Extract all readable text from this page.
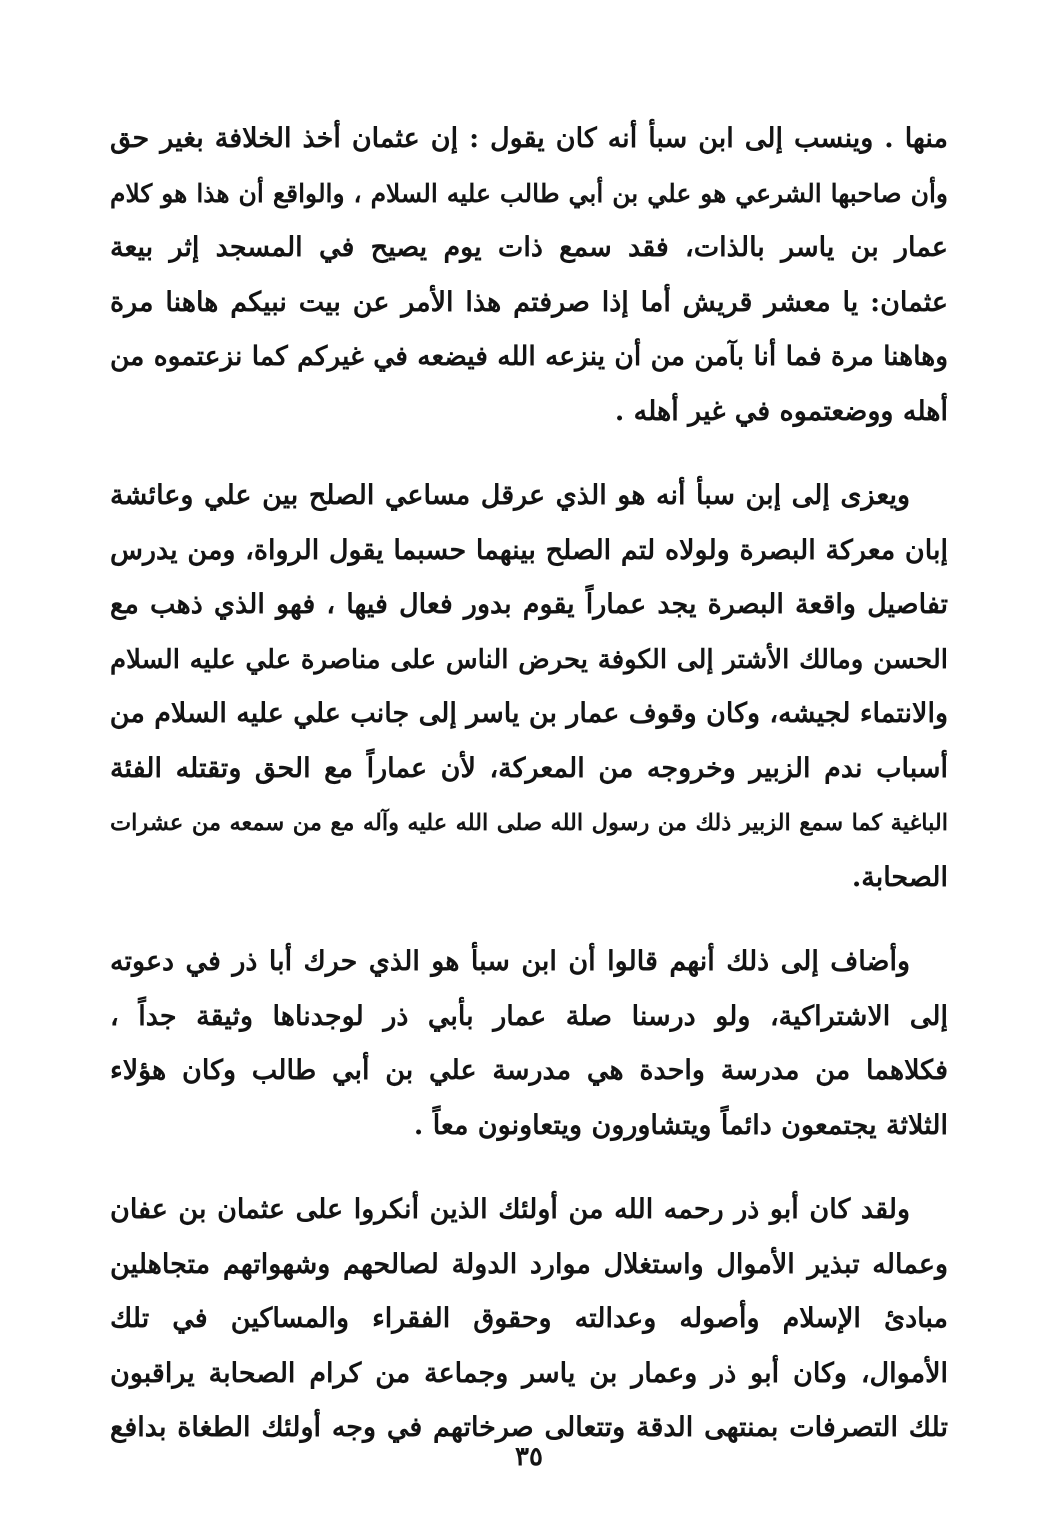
منها . وينسب إلى ابن سبأ أنه كان يقول : إن عثمان أخذ الخلافة بغير حق
وأن صاحبها الشرعي هو علي بن أبي طالب عليه السلام ، والواقع أن هذا هو كلام
عمار بن ياسر بالذات، فقد سمع ذات يوم يصيح في المسجد إثر بيعة
عثمان: يا معشر قريش أما إذا صرفتم هذا الأمر عن بيت نبيكم هاهنا مرة
وهاهنا مرة فما أنا بآمن من أن ينزعه الله فيضعه في غيركم كما نزعتموه من
أهله ووضعتموه في غير أهله .

ويعزى إلى إبن سبأ أنه هو الذي عرقل مساعي الصلح بين علي وعائشة
إبان معركة البصرة ولولاه لتم الصلح بينهما حسبما يقول الرواة، ومن يدرس
تفاصيل واقعة البصرة يجد عماراً يقوم بدور فعال فيها ، فهو الذي ذهب مع
الحسن ومالك الأشتر إلى الكوفة يحرض الناس على مناصرة علي عليه السلام
والانتماء لجيشه، وكان وقوف عمار بن ياسر إلى جانب علي عليه السلام من
أسباب ندم الزبير وخروجه من المعركة، لأن عماراً مع الحق وتقتله الفئة
الباغية كما سمع الزبير ذلك من رسول الله صلى الله عليه وآله مع من سمعه من عشرات
الصحابة.

وأضاف إلى ذلك أنهم قالوا أن ابن سبأ هو الذي حرك أبا ذر في دعوته
إلى الاشتراكية، ولو درسنا صلة عمار بأبي ذر لوجدناها وثيقة جداً ،
فكلاهما من مدرسة واحدة هي مدرسة علي بن أبي طالب وكان هؤلاء
الثلاثة يجتمعون دائماً ويتشاورون ويتعاونون معاً .

ولقد كان أبو ذر رحمه الله من أولئك الذين أنكروا على عثمان بن عفان
وعماله تبذير الأموال واستغلال موارد الدولة لصالحهم وشهواتهم متجاهلين
مبادئ الإسلام وأصوله وعدالته وحقوق الفقراء والمساكين في تلك
الأموال، وكان أبو ذر وعمار بن ياسر وجماعة من كرام الصحابة يراقبون
تلك التصرفات بمنتهى الدقة وتتعالى صرخاتهم في وجه أولئك الطغاة بدافع

٣٥
